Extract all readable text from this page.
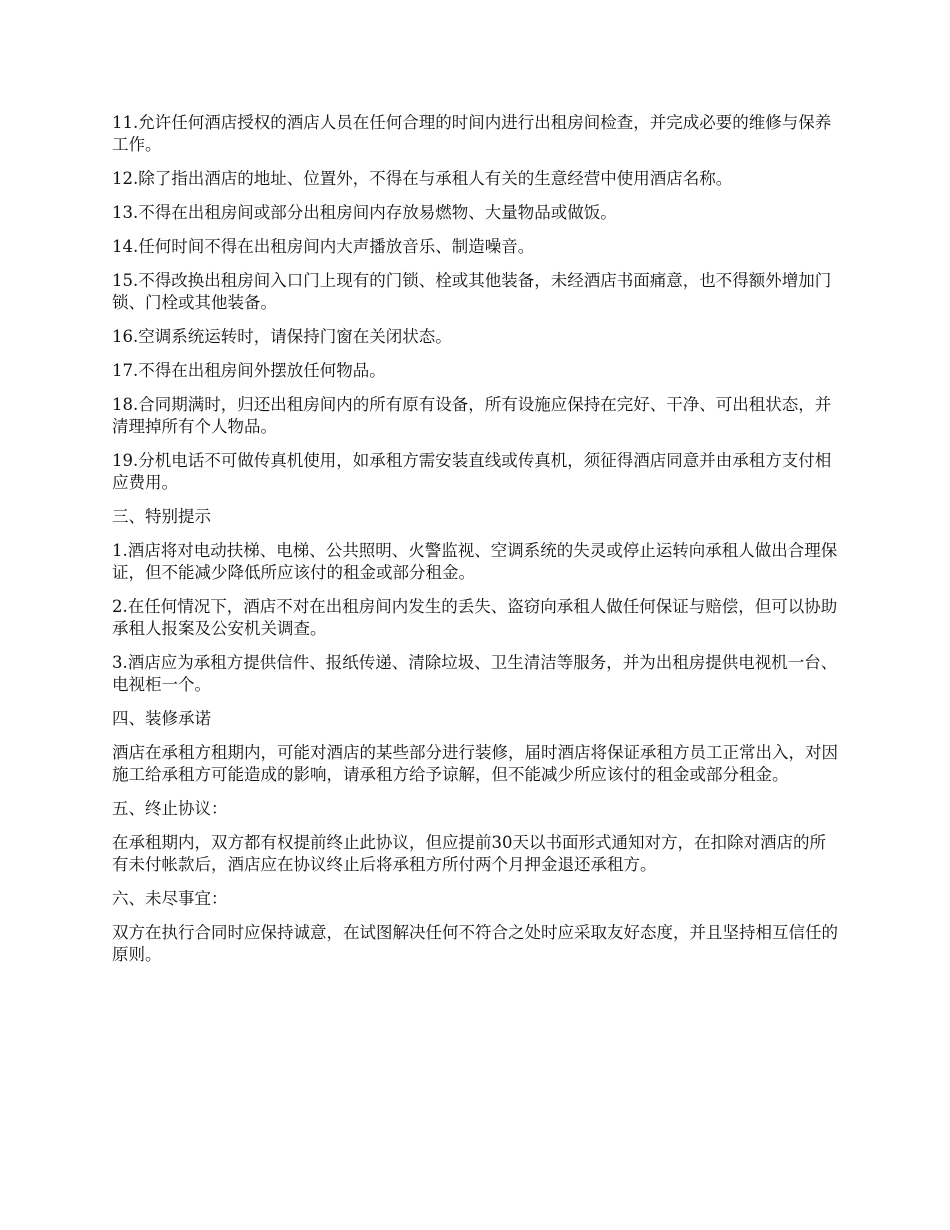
11.允许任何酒店授权的酒店人员在任何合理的时间内进行出租房间检查，并完成必要的维修与保养工作。

12.除了指出酒店的地址、位置外，不得在与承租人有关的生意经营中使用酒店名称。

13.不得在出租房间或部分出租房间内存放易燃物、大量物品或做饭。

14.任何时间不得在出租房间内大声播放音乐、制造噪音。

15.不得改换出租房间入口门上现有的门锁、栓或其他装备，未经酒店书面痛意，也不得额外增加门锁、门栓或其他装备。

16.空调系统运转时，请保持门窗在关闭状态。

17.不得在出租房间外摆放任何物品。

18.合同期满时，归还出租房间内的所有原有设备，所有设施应保持在完好、干净、可出租状态，并清理掉所有个人物品。

19.分机电话不可做传真机使用，如承租方需安装直线或传真机，须征得酒店同意并由承租方支付相应费用。

三、特别提示

1.酒店将对电动扶梯、电梯、公共照明、火警监视、空调系统的失灵或停止运转向承租人做出合理保证，但不能减少降低所应该付的租金或部分租金。

2.在任何情况下，酒店不对在出租房间内发生的丢失、盗窃向承租人做任何保证与赔偿，但可以协助承租人报案及公安机关调查。

3.酒店应为承租方提供信件、报纸传递、清除垃圾、卫生清洁等服务，并为出租房提供电视机一台、电视柜一个。

四、装修承诺

酒店在承租方租期内，可能对酒店的某些部分进行装修，届时酒店将保证承租方员工正常出入，对因施工给承租方可能造成的影响，请承租方给予谅解，但不能减少所应该付的租金或部分租金。

五、终止协议：

在承租期内，双方都有权提前终止此协议，但应提前30天以书面形式通知对方，在扣除对酒店的所有未付帐款后，酒店应在协议终止后将承租方所付两个月押金退还承租方。

六、未尽事宜：

双方在执行合同时应保持诚意，在试图解决任何不符合之处时应采取友好态度，并且坚持相互信任的原则。
